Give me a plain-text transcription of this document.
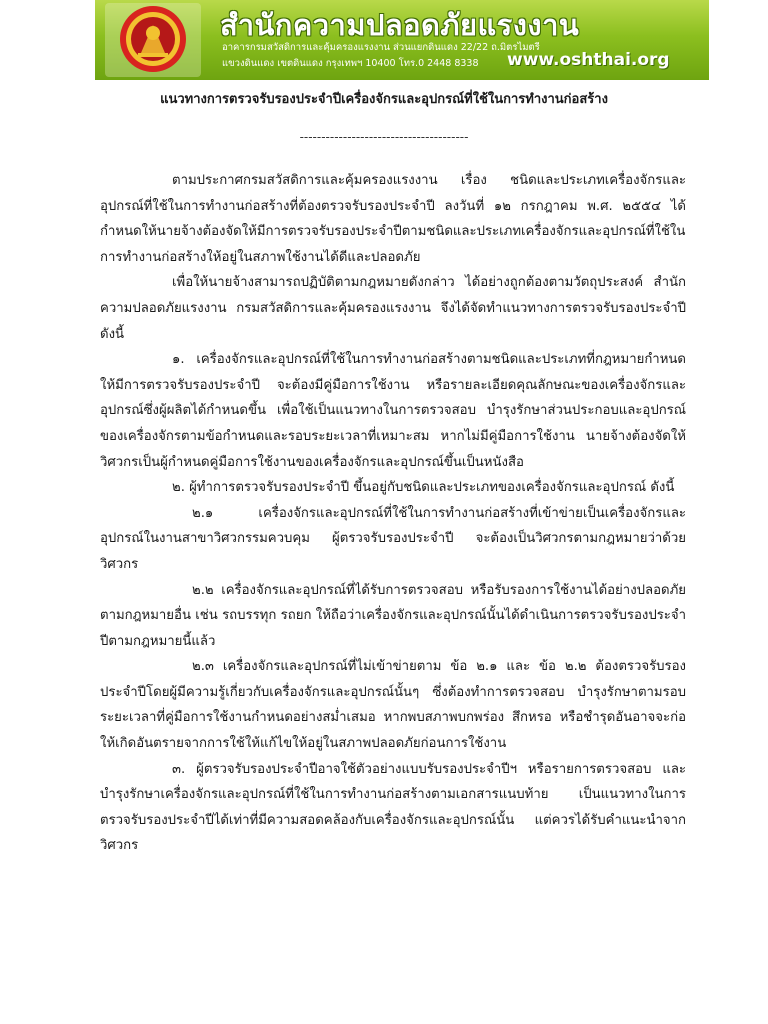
สำนักความปลอดภัยแรงงาน
อาคารกรมสวัสดิการและคุ้มครองแรงงาน ส่วนแยกดินแดง 22/22 ถ.มิตรไมตรี
แขวงดินแดง เขตดินแดง กรุงเทพฯ 10400 โทร.0 2448 8338 www.oshthai.org
แนวทางการตรวจรับรองประจำปีเครื่องจักรและอุปกรณ์ที่ใช้ในการทำงานก่อสร้าง
---------------------------------------

ตามประกาศกรมสวัสดิการและคุ้มครองแรงงาน เรื่อง ชนิดและประเภทเครื่องจักรและอุปกรณ์ที่ใช้ในการทำงานก่อสร้างที่ต้องตรวจรับรองประจำปี ลงวันที่ ๑๒ กรกฎาคม พ.ศ. ๒๕๕๔ ได้กำหนดให้นายจ้างต้องจัดให้มีการตรวจรับรองประจำปีตามชนิดและประเภทเครื่องจักรและอุปกรณ์ที่ใช้ในการทำงานก่อสร้างให้อยู่ในสภาพใช้งานได้ดีและปลอดภัย

เพื่อให้นายจ้างสามารถปฏิบัติตามกฎหมายดังกล่าว ได้อย่างถูกต้องตามวัตถุประสงค์ สำนักความปลอดภัยแรงงาน กรมสวัสดิการและคุ้มครองแรงงาน จึงได้จัดทำแนวทางการตรวจรับรองประจำปี ดังนี้

๑. เครื่องจักรและอุปกรณ์ที่ใช้ในการทำงานก่อสร้างตามชนิดและประเภทที่กฎหมายกำหนดให้มีการตรวจรับรองประจำปี จะต้องมีคู่มือการใช้งาน หรือรายละเอียดคุณลักษณะของเครื่องจักรและอุปกรณ์ซึ่งผู้ผลิตได้กำหนดขึ้น เพื่อใช้เป็นแนวทางในการตรวจสอบ บำรุงรักษาส่วนประกอบและอุปกรณ์ของเครื่องจักรตามข้อกำหนดและรอบระยะเวลาที่เหมาะสม หากไม่มีคู่มือการใช้งาน นายจ้างต้องจัดให้วิศวกรเป็นผู้กำหนดคู่มือการใช้งานของเครื่องจักรและอุปกรณ์ขึ้นเป็นหนังสือ

๒. ผู้ทำการตรวจรับรองประจำปี ขึ้นอยู่กับชนิดและประเภทของเครื่องจักรและอุปกรณ์ ดังนี้

๒.๑ เครื่องจักรและอุปกรณ์ที่ใช้ในการทำงานก่อสร้างที่เข้าข่ายเป็นเครื่องจักรและอุปกรณ์ในงานสาขาวิศวกรรมควบคุม ผู้ตรวจรับรองประจำปี จะต้องเป็นวิศวกรตามกฎหมายว่าด้วยวิศวกร

๒.๒ เครื่องจักรและอุปกรณ์ที่ได้รับการตรวจสอบ หรือรับรองการใช้งานได้อย่างปลอดภัยตามกฎหมายอื่น เช่น รถบรรทุก รถยก ให้ถือว่าเครื่องจักรและอุปกรณ์นั้นได้ดำเนินการตรวจรับรองประจำปีตามกฎหมายนี้แล้ว

๒.๓ เครื่องจักรและอุปกรณ์ที่ไม่เข้าข่ายตาม ข้อ ๒.๑ และ ข้อ ๒.๒ ต้องตรวจรับรองประจำปีโดยผู้มีความรู้เกี่ยวกับเครื่องจักรและอุปกรณ์นั้นๆ ซึ่งต้องทำการตรวจสอบ บำรุงรักษาตามรอบระยะเวลาที่คู่มือการใช้งานกำหนดอย่างสม่ำเสมอ หากพบสภาพบกพร่อง สึกหรอ หรือชำรุดอันอาจจะก่อให้เกิดอันตรายจากการใช้ให้แก้ไขให้อยู่ในสภาพปลอดภัยก่อนการใช้งาน

๓. ผู้ตรวจรับรองประจำปีอาจใช้ตัวอย่างแบบรับรองประจำปีฯ หรือรายการตรวจสอบ และบำรุงรักษาเครื่องจักรและอุปกรณ์ที่ใช้ในการทำงานก่อสร้างตามเอกสารแนบท้าย เป็นแนวทางในการตรวจรับรองประจำปีได้เท่าที่มีความสอดคล้องกับเครื่องจักรและอุปกรณ์นั้น แต่ควรได้รับคำแนะนำจากวิศวกร
